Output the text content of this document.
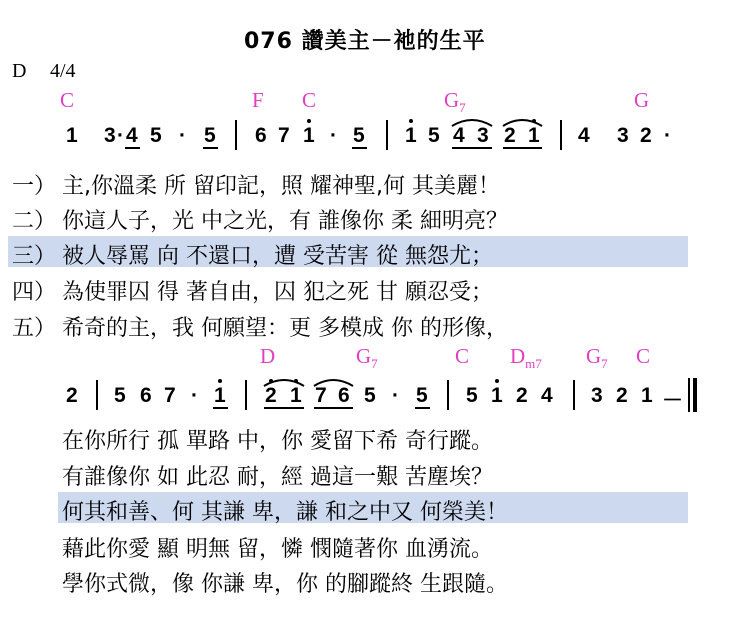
076 讚美主－祂的生平
D 4/4
C	F C	$G_7$	G
1 3 · 4 5 · 5 6 7 1 · 5 1 5 4 3 2 1 4 3 2 ·
一） 主,你溫柔 所 留印記，照 耀神聖,何 其美麗！
二） 你這人子，光 中之光，有 誰像你 柔 細明亮？
三） 被人辱罵 向 不還口，遭 受苦害 從 無怨尤；
四） 為使罪囚 得 著自由，囚 犯之死 甘 願忍受；
五） 希奇的主，我 何願望：更 多模成 你 的形像，
D	$G_7$	C $D_{m7}$ $G_7$ C
2 5 6 7 · 1 2 1 7 6 5 · 5 5 1 2 4 3 2 1 －
在你所行 孤 單路 中，你 愛留下希 奇行蹤。
有誰像你 如 此忍 耐，經 過這一艱 苦塵埃？
何其和善、何 其謙 卑，謙 和之中又 何榮美！
藉此你愛 顯 明無 留，憐 憫隨著你 血湧流。
學你式微，像 你謙 卑，你 的腳蹤終 生跟隨。
